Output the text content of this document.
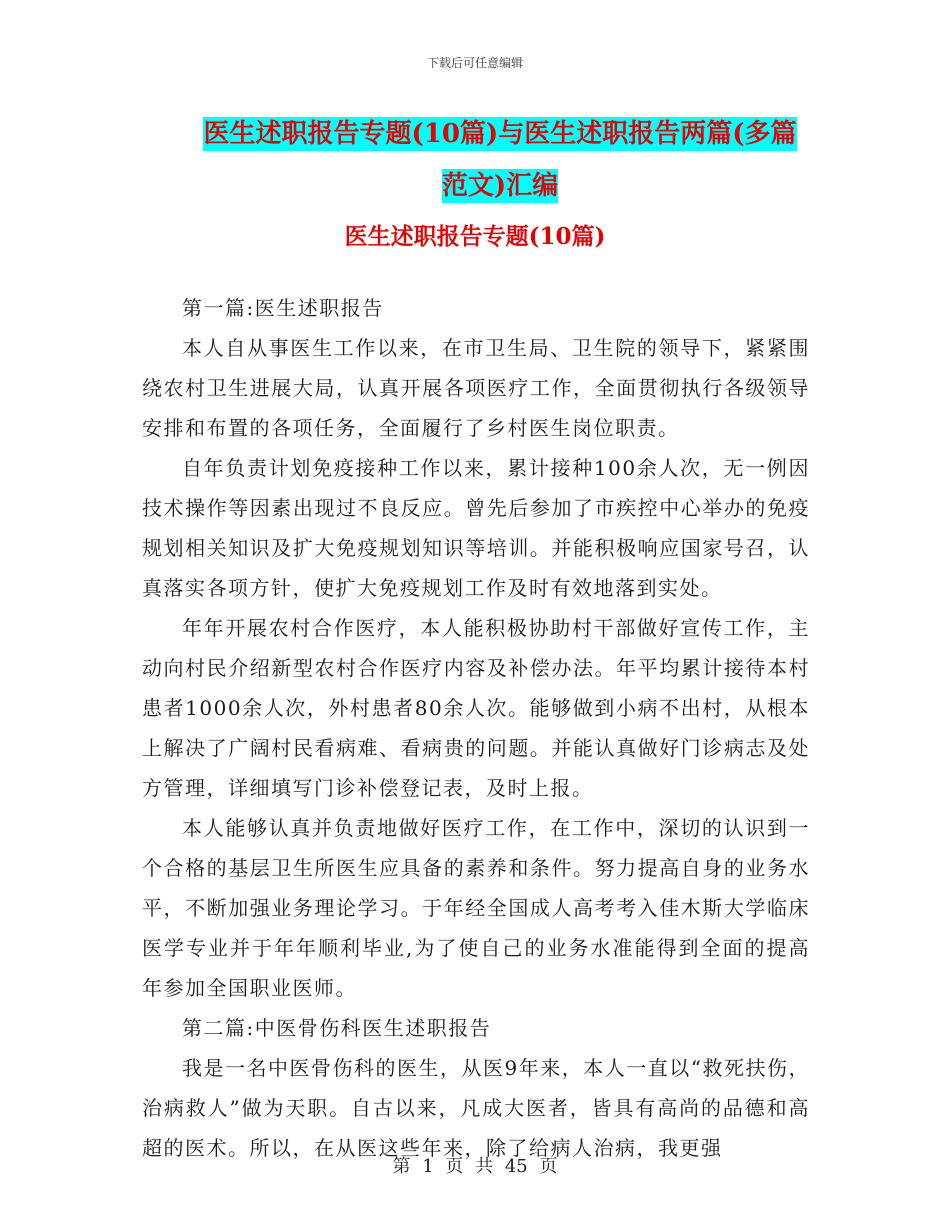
下载后可任意编辑
医生述职报告专题(10篇)与医生述职报告两篇(多篇
范文)汇编
医生述职报告专题(10篇)

第一篇:医生述职报告

本人自从事医生工作以来，在市卫生局、卫生院的领导下，紧紧围绕农村卫生进展大局，认真开展各项医疗工作，全面贯彻执行各级领导安排和布置的各项任务，全面履行了乡村医生岗位职责。

自年负责计划免疫接种工作以来，累计接种100余人次，无一例因技术操作等因素出现过不良反应。曾先后参加了市疾控中心举办的免疫规划相关知识及扩大免疫规划知识等培训。并能积极响应国家号召，认真落实各项方针，使扩大免疫规划工作及时有效地落到实处。

年年开展农村合作医疗，本人能积极协助村干部做好宣传工作，主动向村民介绍新型农村合作医疗内容及补偿办法。年平均累计接待本村患者1000余人次，外村患者80余人次。能够做到小病不出村，从根本上解决了广阔村民看病难、看病贵的问题。并能认真做好门诊病志及处方管理，详细填写门诊补偿登记表，及时上报。

本人能够认真并负责地做好医疗工作，在工作中，深切的认识到一个合格的基层卫生所医生应具备的素养和条件。努力提高自身的业务水平，不断加强业务理论学习。于年经全国成人高考考入佳木斯大学临床医学专业并于年年顺利毕业,为了使自己的业务水准能得到全面的提高年参加全国职业医师。

第二篇:中医骨伤科医生述职报告

我是一名中医骨伤科的医生，从医9年来，本人一直以“救死扶伤，治病救人”做为天职。自古以来，凡成大医者，皆具有高尚的品德和高超的医术。所以，在从医这些年来，除了给病人治病，我更强

第 1 页 共 45 页
